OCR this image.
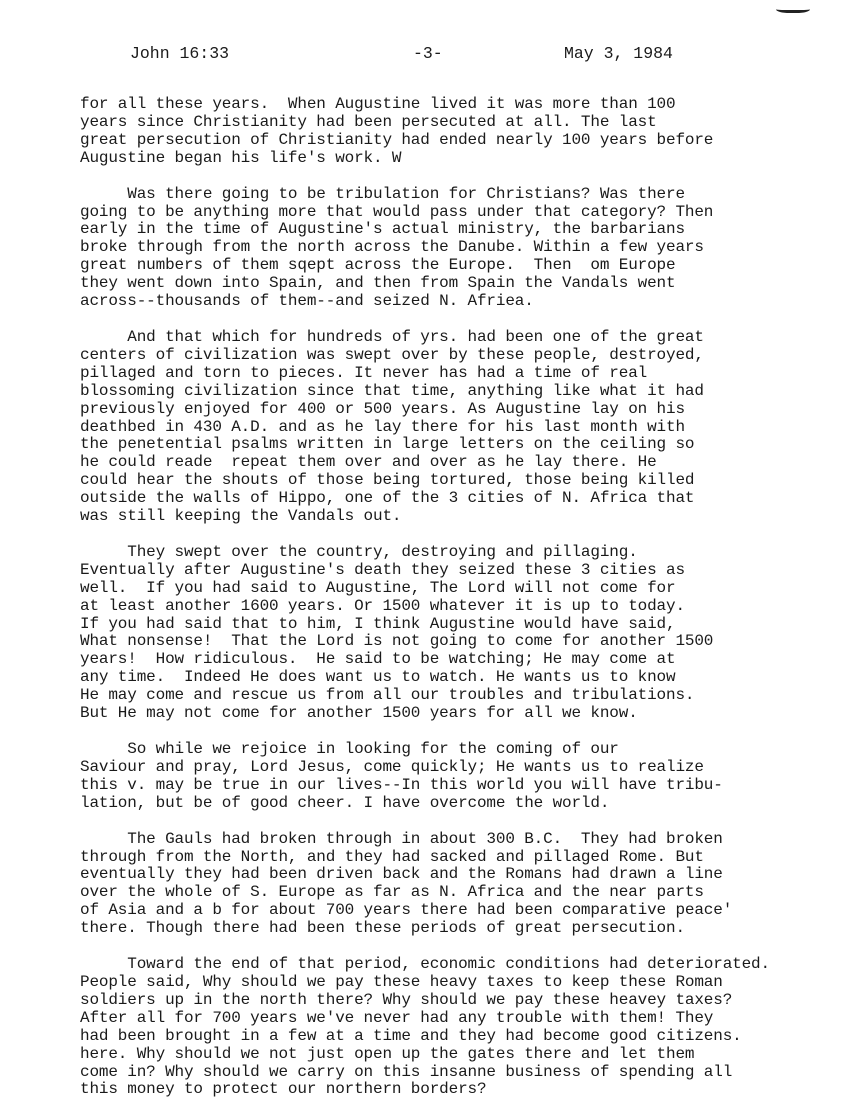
John 16:33	-3-	May 3, 1984

for all these years.  When Augustine lived it was more than 100
years since Christianity had been persecuted at all. The last
great persecution of Christianity had ended nearly 100 years before
Augustine began his life's work. W

Was there going to be tribulation for Christians? Was there
going to be anything more that would pass under that category? Then
early in the time of Augustine's actual ministry, the barbarians
broke through from the north across the Danube. Within a few years
great numbers of them sqept across the Europe.  Then  om Europe
they went down into Spain, and then from Spain the Vandals went
across--thousands of them--and seized N. Afriea.

And that which for hundreds of yrs. had been one of the great
centers of civilization was swept over by these people, destroyed,
pillaged and torn to pieces. It never has had a time of real
blossoming civilization since that time, anything like what it had
previously enjoyed for 400 or 500 years. As Augustine lay on his
deathbed in 430 A.D. and as he lay there for his last month with
the penetential psalms written in large letters on the ceiling so
he could reade  repeat them over and over as he lay there. He
could hear the shouts of those being tortured, those being killed
outside the walls of Hippo, one of the 3 cities of N. Africa that
was still keeping the Vandals out.

They swept over the country, destroying and pillaging.
Eventually after Augustine's death they seized these 3 cities as
well.  If you had said to Augustine, The Lord will not come for
at least another 1600 years. Or 1500 whatever it is up to today.
If you had said that to him, I think Augustine would have said,
What nonsense!  That the Lord is not going to come for another 1500
years!  How ridiculous.  He said to be watching; He may come at
any time.  Indeed He does want us to watch. He wants us to know
He may come and rescue us from all our troubles and tribulations.
But He may not come for another 1500 years for all we know.

So while we rejoice in looking for the coming of our
Saviour and pray, Lord Jesus, come quickly; He wants us to realize
this v. may be true in our lives--In this world you will have tribu-
lation, but be of good cheer. I have overcome the world.

The Gauls had broken through in about 300 B.C.  They had broken
through from the North, and they had sacked and pillaged Rome. But
eventually they had been driven back and the Romans had drawn a line
over the whole of S. Europe as far as N. Africa and the near parts
of Asia and a b for about 700 years there had been comparative peace'
there. Though there had been these periods of great persecution.

Toward the end of that period, economic conditions had deteriorated.
People said, Why should we pay these heavy taxes to keep these Roman
soldiers up in the north there? Why should we pay these heavey taxes?
After all for 700 years we've never had any trouble with them! They
had been brought in a few at a time and they had become good citizens.
here. Why should we not just open up the gates there and let them
come in? Why should we carry on this insanne business of spending all
this money to protect our northern borders?
